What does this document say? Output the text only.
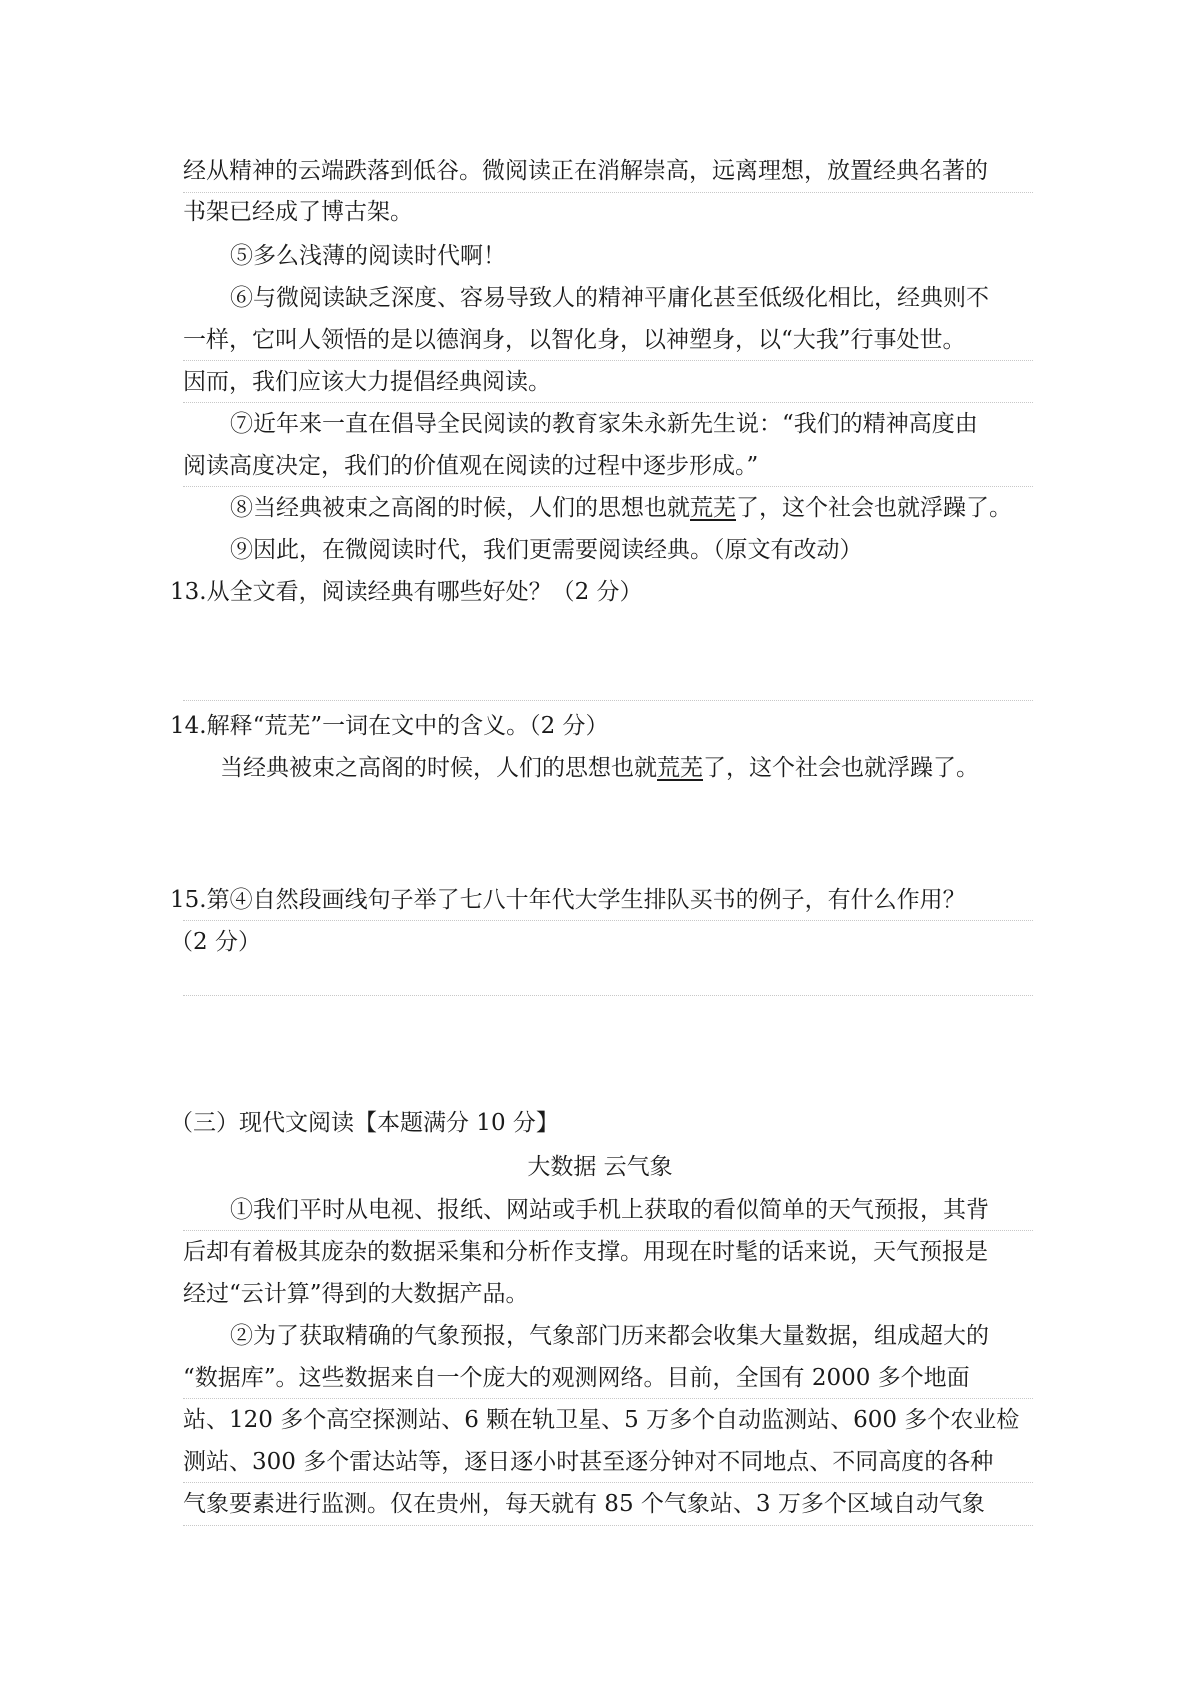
经从精神的云端跌落到低谷。微阅读正在消解崇高，远离理想，放置经典名著的
书架已经成了博古架。
⑤多么浅薄的阅读时代啊！
⑥与微阅读缺乏深度、容易导致人的精神平庸化甚至低级化相比，经典则不
一样，它叫人领悟的是以德润身，以智化身，以神塑身，以“大我”行事处世。
因而，我们应该大力提倡经典阅读。
⑦近年来一直在倡导全民阅读的教育家朱永新先生说：“我们的精神高度由
阅读高度决定，我们的价值观在阅读的过程中逐步形成。”
⑧当经典被束之高阁的时候，人们的思想也就荒芜了，这个社会也就浮躁了。
⑨因此，在微阅读时代，我们更需要阅读经典。（原文有改动）
13.从全文看，阅读经典有哪些好处？（2 分）
14.解释“荒芜”一词在文中的含义。（2 分）
当经典被束之高阁的时候，人们的思想也就荒芜了，这个社会也就浮躁了。
15.第④自然段画线句子举了七八十年代大学生排队买书的例子，有什么作用？
（2 分）
（三）现代文阅读【本题满分 10 分】
大数据 云气象
①我们平时从电视、报纸、网站或手机上获取的看似简单的天气预报，其背
后却有着极其庞杂的数据采集和分析作支撑。用现在时髦的话来说，天气预报是
经过“云计算”得到的大数据产品。
②为了获取精确的气象预报，气象部门历来都会收集大量数据，组成超大的
“数据库”。这些数据来自一个庞大的观测网络。目前，全国有 2000 多个地面
站、120 多个高空探测站、6 颗在轨卫星、5 万多个自动监测站、600 多个农业检
测站、300 多个雷达站等，逐日逐小时甚至逐分钟对不同地点、不同高度的各种
气象要素进行监测。仅在贵州，每天就有 85 个气象站、3 万多个区域自动气象
